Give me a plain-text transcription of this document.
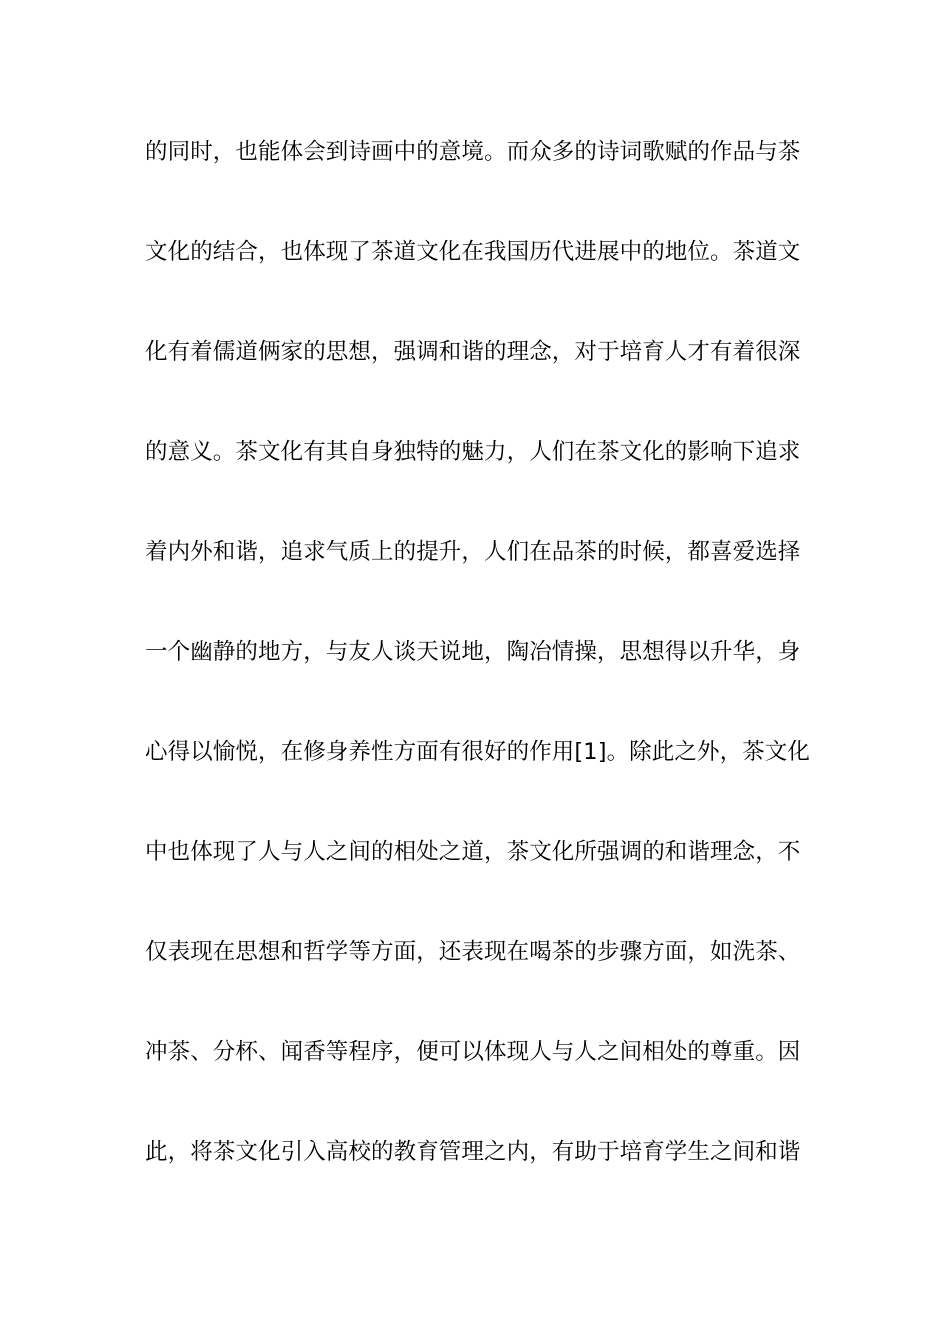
的同时，也能体会到诗画中的意境。而众多的诗词歌赋的作品与茶
文化的结合，也体现了茶道文化在我国历代进展中的地位。茶道文
化有着儒道俩家的思想，强调和谐的理念，对于培育人才有着很深
的意义。茶文化有其自身独特的魅力，人们在茶文化的影响下追求
着内外和谐，追求气质上的提升，人们在品茶的时候，都喜爱选择
一个幽静的地方，与友人谈天说地，陶冶情操，思想得以升华，身
心得以愉悦，在修身养性方面有很好的作用[1]。除此之外，茶文化
中也体现了人与人之间的相处之道，茶文化所强调的和谐理念，不
仅表现在思想和哲学等方面，还表现在喝茶的步骤方面，如洗茶、
冲茶、分杯、闻香等程序，便可以体现人与人之间相处的尊重。因
此，将茶文化引入高校的教育管理之内，有助于培育学生之间和谐
